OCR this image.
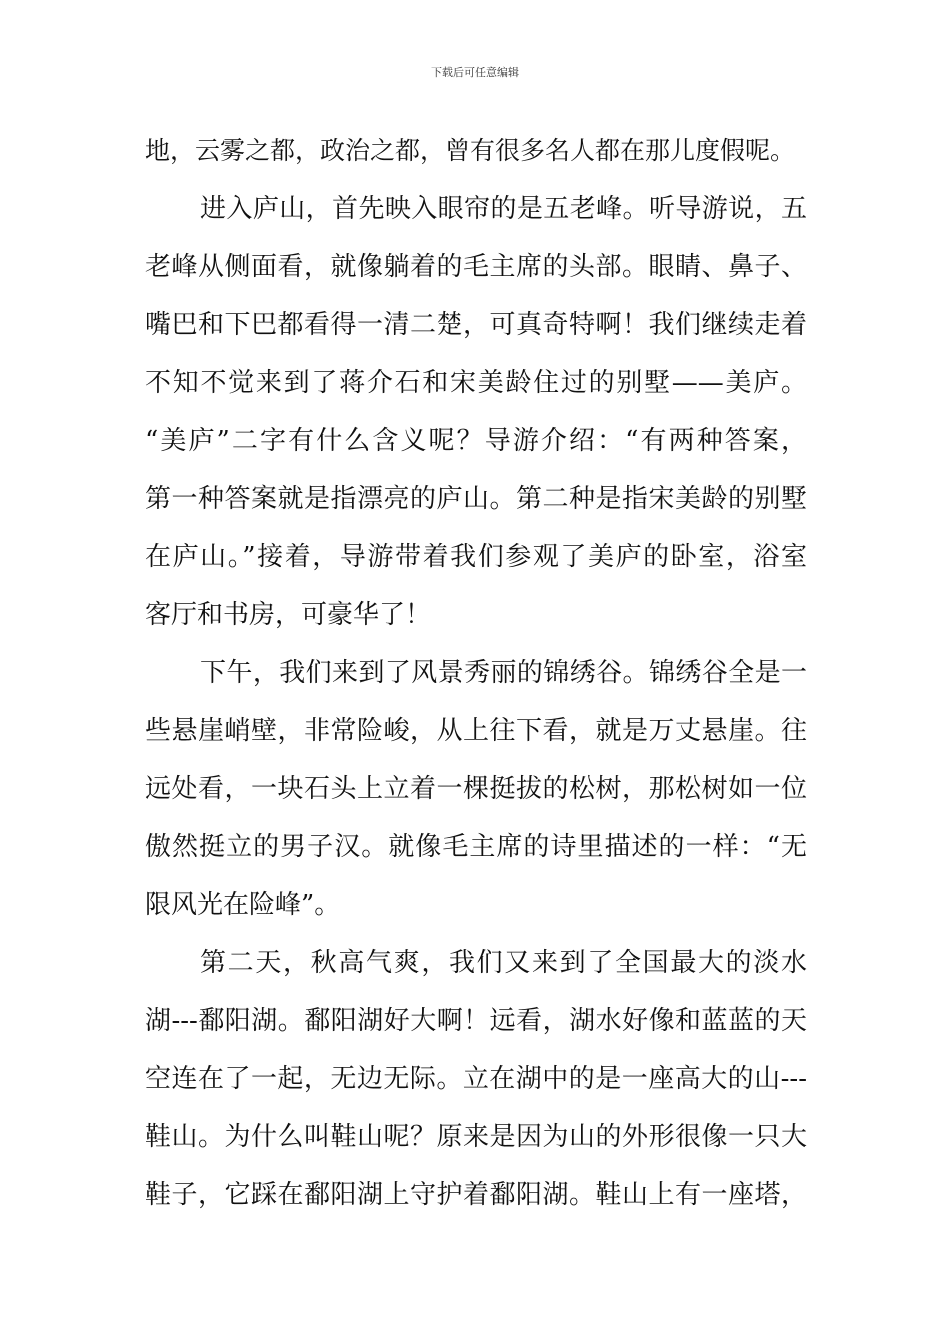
下载后可任意编辑
地，云雾之都，政治之都，曾有很多名人都在那儿度假呢。
进入庐山，首先映入眼帘的是五老峰。听导游说，五
老峰从侧面看，就像躺着的毛主席的头部。眼睛、鼻子、
嘴巴和下巴都看得一清二楚，可真奇特啊！我们继续走着
不知不觉来到了蒋介石和宋美龄住过的别墅——美庐。
“美庐”二字有什么含义呢？导游介绍：“有两种答案，
第一种答案就是指漂亮的庐山。第二种是指宋美龄的别墅
在庐山。”接着，导游带着我们参观了美庐的卧室，浴室
客厅和书房，可豪华了！
下午，我们来到了风景秀丽的锦绣谷。锦绣谷全是一
些悬崖峭壁，非常险峻，从上往下看，就是万丈悬崖。往
远处看，一块石头上立着一棵挺拔的松树，那松树如一位
傲然挺立的男子汉。就像毛主席的诗里描述的一样：“无
限风光在险峰”。
第二天，秋高气爽，我们又来到了全国最大的淡水
湖---鄱阳湖。鄱阳湖好大啊！远看，湖水好像和蓝蓝的天
空连在了一起，无边无际。立在湖中的是一座高大的山---
鞋山。为什么叫鞋山呢？原来是因为山的外形很像一只大
鞋子，它踩在鄱阳湖上守护着鄱阳湖。鞋山上有一座塔，
